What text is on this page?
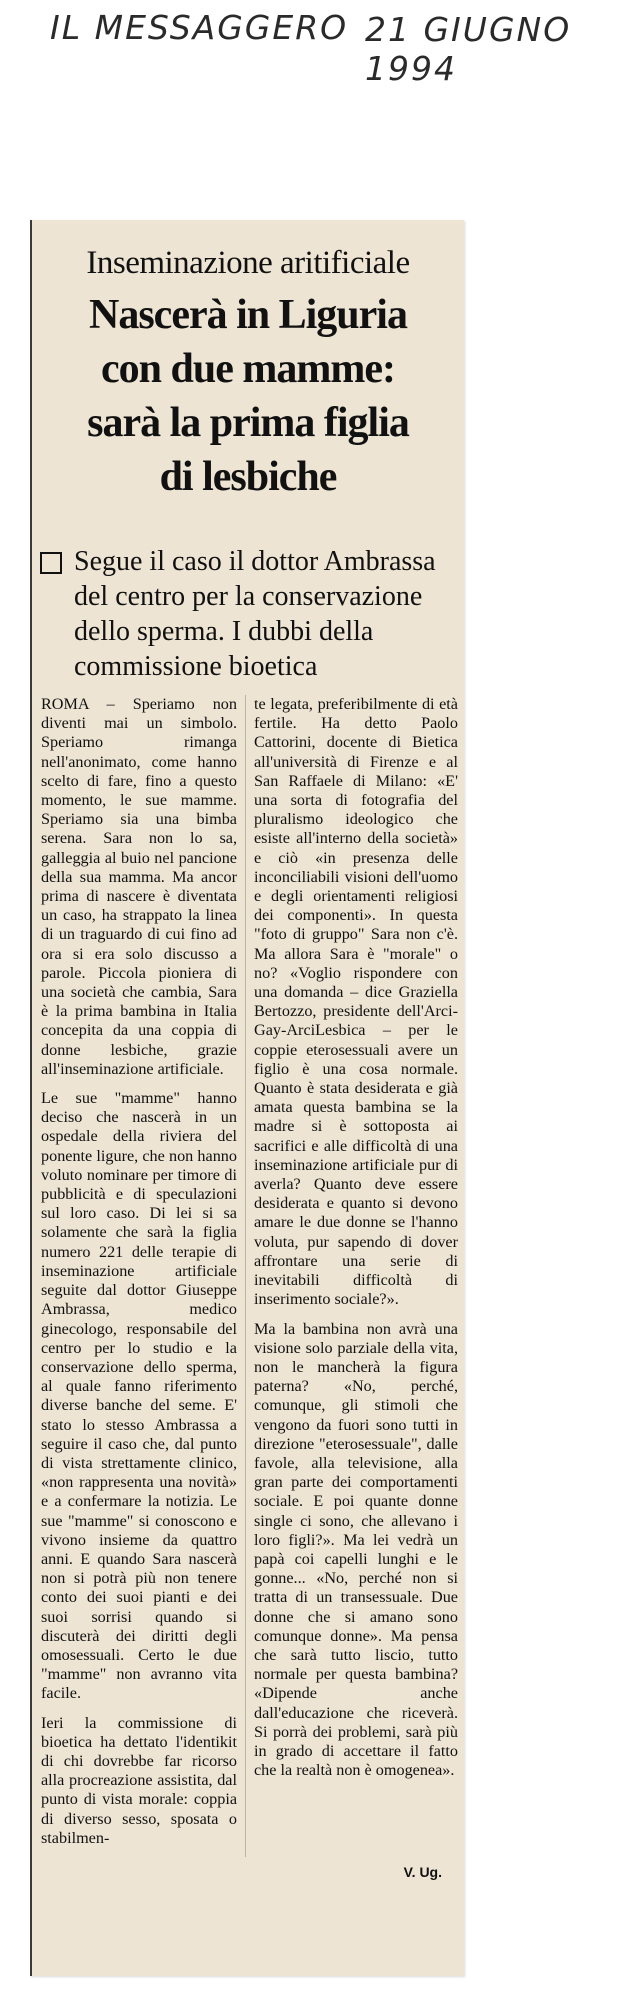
IL MESSAGGERO 21 GIUGNO 1994
Inseminazione aritificiale
Nascerà in Liguria
con due mamme:
sarà la prima figlia
di lesbiche
Segue il caso il dottor Ambrassa del centro per la conservazione dello sperma. I dubbi della commissione bioetica

ROMA – Speriamo non diventi mai un simbolo. Speriamo rimanga nell'anonimato, come hanno scelto di fare, fino a questo momento, le sue mamme. Speriamo sia una bimba serena. Sara non lo sa, galleggia al buio nel pancione della sua mamma. Ma ancor prima di nascere è diventata un caso, ha strappato la linea di un traguardo di cui fino ad ora si era solo discusso a parole. Piccola pioniera di una società che cambia, Sara è la prima bambina in Italia concepita da una coppia di donne lesbiche, grazie all'inseminazione artificiale.

Le sue "mamme" hanno deciso che nascerà in un ospedale della riviera del ponente ligure, che non hanno voluto nominare per timore di pubblicità e di speculazioni sul loro caso. Di lei si sa solamente che sarà la figlia numero 221 delle terapie di inseminazione artificiale seguite dal dottor Giuseppe Ambrassa, medico ginecologo, responsabile del centro per lo studio e la conservazione dello sperma, al quale fanno riferimento diverse banche del seme. E' stato lo stesso Ambrassa a seguire il caso che, dal punto di vista strettamente clinico, «non rappresenta una novità» e a confermare la notizia. Le sue "mamme" si conoscono e vivono insieme da quattro anni. E quando Sara nascerà non si potrà più non tenere conto dei suoi pianti e dei suoi sorrisi quando si discuterà dei diritti degli omosessuali. Certo le due "mamme" non avranno vita facile.

Ieri la commissione di bioetica ha dettato l'identikit di chi dovrebbe far ricorso alla procreazione assistita, dal punto di vista morale: coppia di diverso sesso, sposata o stabilmen-

te legata, preferibilmente di età fertile. Ha detto Paolo Cattorini, docente di Bietica all'università di Firenze e al San Raffaele di Milano: «E' una sorta di fotografia del pluralismo ideologico che esiste all'interno della società» e ciò «in presenza delle inconciliabili visioni dell'uomo e degli orientamenti religiosi dei componenti». In questa "foto di gruppo" Sara non c'è. Ma allora Sara è "morale" o no? «Voglio rispondere con una domanda – dice Graziella Bertozzo, presidente dell'Arci-Gay-ArciLesbica – per le coppie eterosessuali avere un figlio è una cosa normale. Quanto è stata desiderata e già amata questa bambina se la madre si è sottoposta ai sacrifici e alle difficoltà di una inseminazione artificiale pur di averla? Quanto deve essere desiderata e quanto si devono amare le due donne se l'hanno voluta, pur sapendo di dover affrontare una serie di inevitabili difficoltà di inserimento sociale?».

Ma la bambina non avrà una visione solo parziale della vita, non le mancherà la figura paterna? «No, perché, comunque, gli stimoli che vengono da fuori sono tutti in direzione "eterosessuale", dalle favole, alla televisione, alla gran parte dei comportamenti sociale. E poi quante donne single ci sono, che allevano i loro figli?». Ma lei vedrà un papà coi capelli lunghi e le gonne... «No, perché non si tratta di un transessuale. Due donne che si amano sono comunque donne». Ma pensa che sarà tutto liscio, tutto normale per questa bambina? «Dipende anche dall'educazione che riceverà. Si porrà dei problemi, sarà più in grado di accettare il fatto che la realtà non è omogenea».

V. Ug.
